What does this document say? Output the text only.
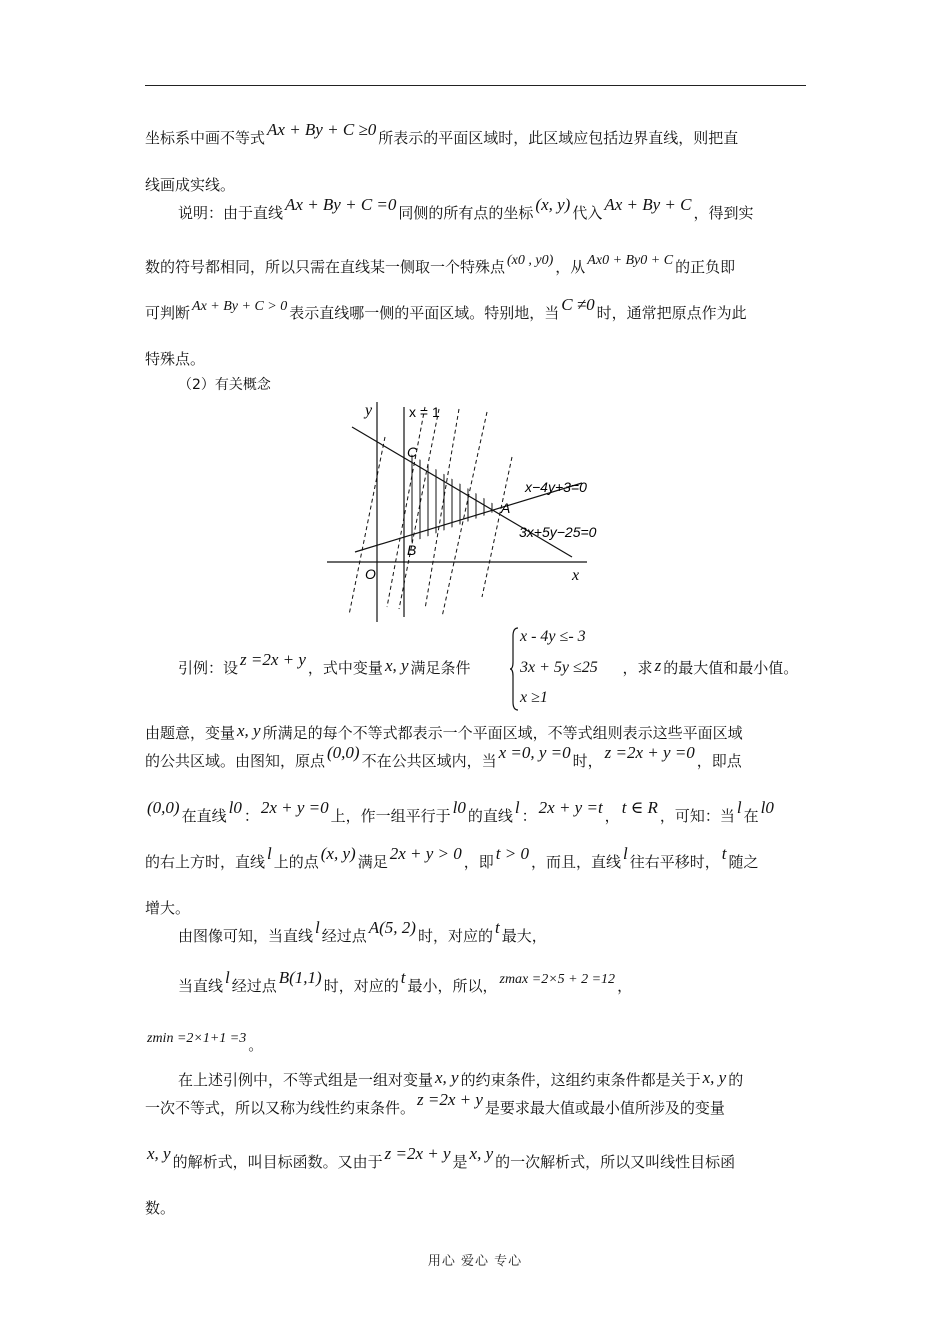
坐标系中画不等式 Ax + By + C ≥0 所表示的平面区域时，此区域应包括边界直线，则把直
线画成实线。
说明：由于直线 Ax + By + C =0 同侧的所有点的坐标 (x, y) 代入 Ax + By + C ，得到实
数的符号都相同，所以只需在直线某一侧取一个特殊点 (x0 , y0) ，从 Ax0 + By0 + C 的正负即
可判断 Ax + By + C > 0 表示直线哪一侧的平面区域。特别地，当 C ≠0 时，通常把原点作为此
特殊点。
（2）有关概念
y
x
O
x = 1
C
A
B
x−4y+3=0
3x+5y−25=0
引例：设 z =2x + y ，式中变量 x, y 满足条件	，求 z 的最大值和最小值。
x - 4y ≤- 3
3x + 5y ≤25
x ≥1
由题意，变量 x, y 所满足的每个不等式都表示一个平面区域，不等式组则表示这些平面区域
的公共区域。由图知，原点 (0,0) 不在公共区域内，当 x =0, y =0 时， z =2x + y =0 ，即点
(0,0) 在直线 l0 ： 2x + y =0 上，作一组平行于 l0 的直线 l ： 2x + y =t ， t ∈ R ，可知：当 l 在 l0
的右上方时，直线 l 上的点 (x, y) 满足 2x + y > 0 ，即 t > 0 ，而且，直线 l 往右平移时， t 随之
增大。
由图像可知，当直线 l 经过点 A(5, 2) 时，对应的 t 最大，
当直线 l 经过点 B(1,1) 时，对应的 t 最小，所以， zmax =2×5 + 2 =12 ，
zmin =2×1+1 =3 。
在上述引例中，不等式组是一组对变量 x, y 的约束条件，这组约束条件都是关于 x, y 的
一次不等式，所以又称为线性约束条件。 z =2x + y 是要求最大值或最小值所涉及的变量
x, y 的解析式，叫目标函数。又由于 z =2x + y 是 x, y 的一次解析式，所以又叫线性目标函
数。
用心 爱心 专心
